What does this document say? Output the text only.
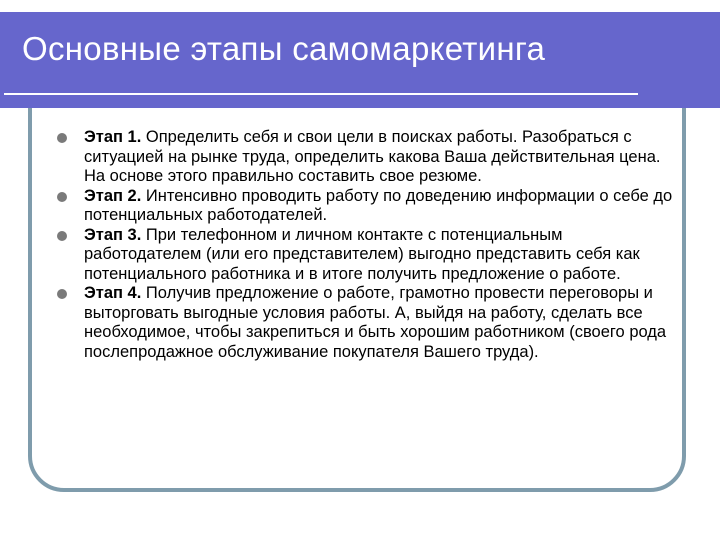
Основные этапы самомаркетинга

Этап 1. Определить себя и свои цели в поисках работы. Разобраться с ситуацией на рынке труда, определить какова Ваша действительная цена. На основе этого правильно составить свое резюме.

Этап 2. Интенсивно проводить работу по доведению информации о себе до потенциальных работодателей.

Этап 3. При телефонном и личном контакте с потенциальным работодателем (или его представителем) выгодно представить себя как потенциального работника и в итоге получить предложение о работе.

Этап 4. Получив предложение о работе, грамотно провести переговоры и выторговать выгодные условия работы. А, выйдя на работу, сделать все необходимое, чтобы закрепиться и быть хорошим работником (своего рода послепродажное обслуживание покупателя Вашего труда).
